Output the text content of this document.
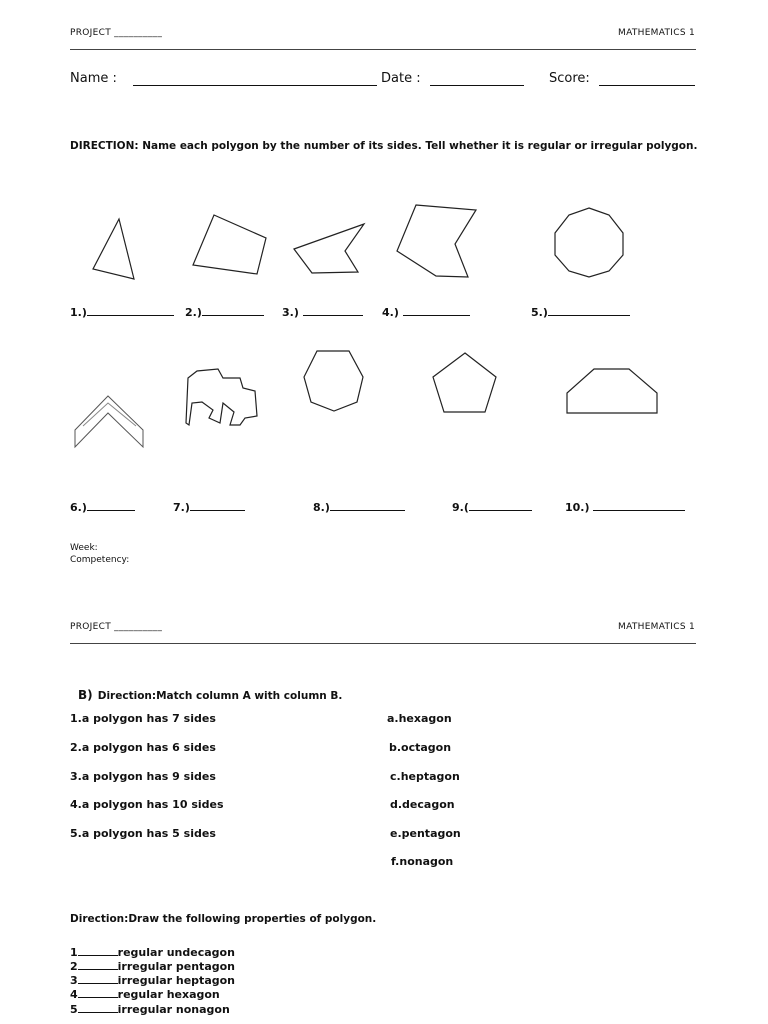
PROJECT __________	MATHEMATICS 1
Name :	Date :	Score:
DIRECTION: Name each polygon by the number of its sides. Tell whether it is regular or irregular polygon.
1.)	2.)	3.)	4.)	5.)
6.)	7.)	8.)	9.(	10.)
Week:
Competency:
PROJECT __________	MATHEMATICS 1
B) Direction:Match column A with column B.
1.a polygon has 7 sides
2.a polygon has 6 sides
3.a polygon has 9 sides
4.a polygon has 10 sides
5.a polygon has 5 sides
a.hexagon
b.octagon
c.heptagon
d.decagon
e.pentagon
f.nonagon
Direction:Draw the following properties of polygon.
1	regular undecagon
2	irregular pentagon
3	irregular heptagon
4	regular hexagon
5	irregular nonagon
